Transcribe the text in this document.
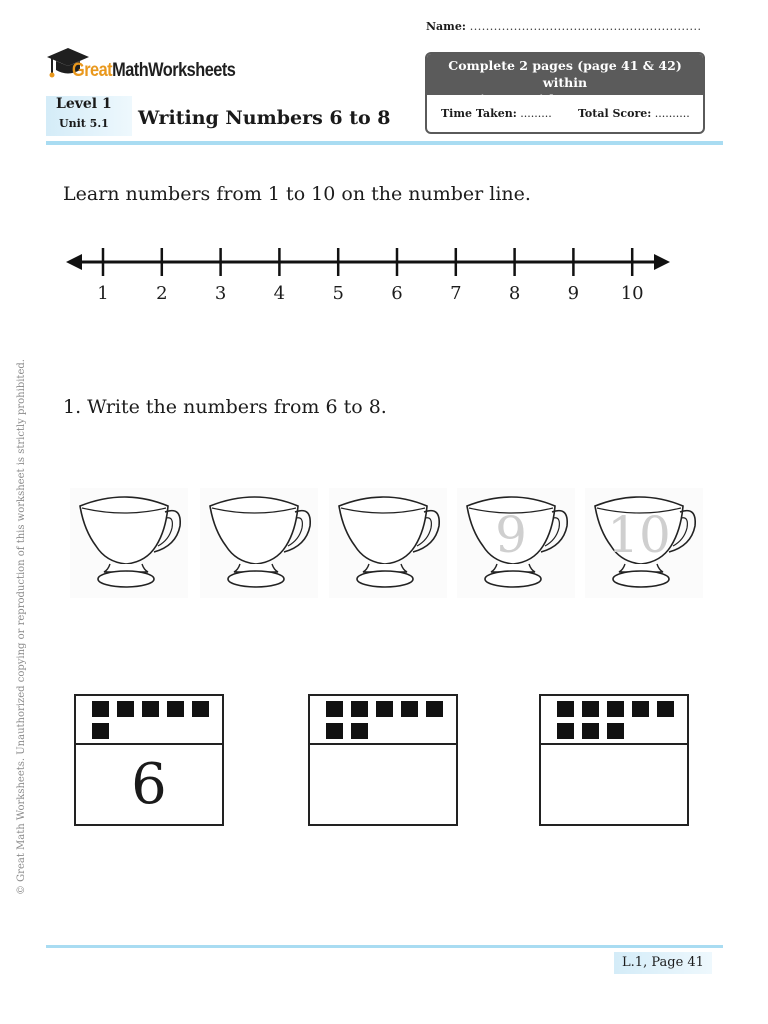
Name: ..........................................................
GreatMathWorksheets
Level 1
Unit 5.1 Writing Numbers 6 to 8
Complete 2 pages (page 41 & 42) within
2 minutes with > 95% accuracy.
Time Taken: ......... Total Score: ..........
Learn numbers from 1 to 10 on the number line.
1	2	3	4	5	6	7	8	9 10
1. Write the numbers from 6 to 8.
© Great Math Worksheets. Unauthorized copying or reproduction of this worksheet is strictly prohibited.	9	10
6
L.1, Page 41
